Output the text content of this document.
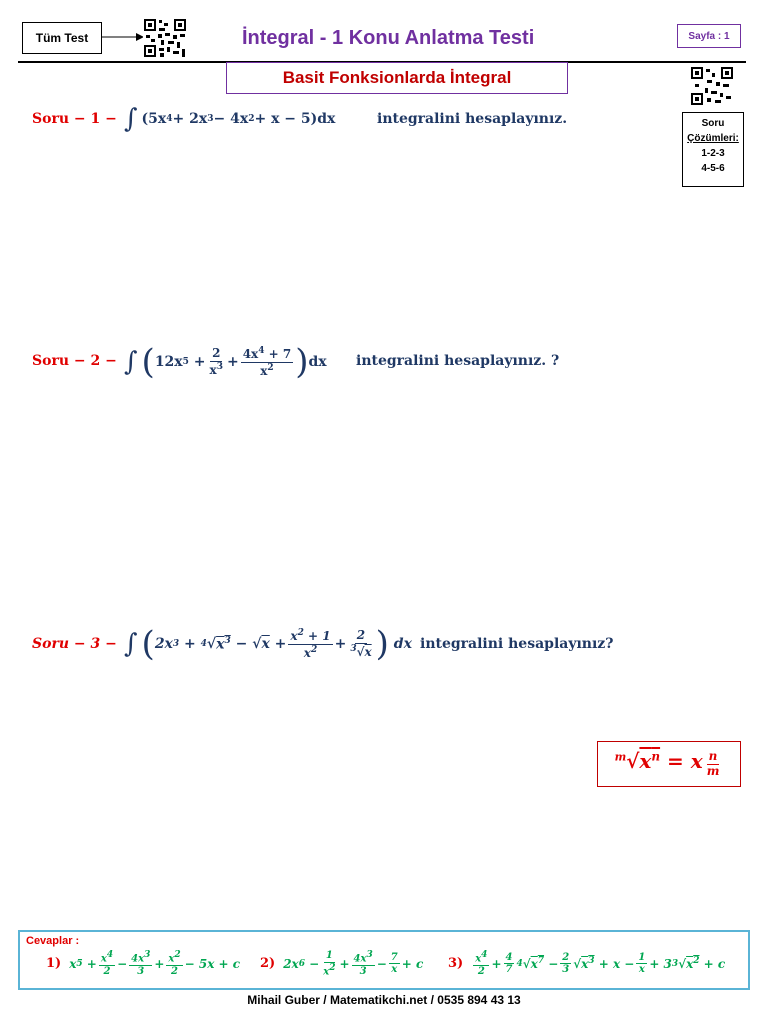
Tüm Test	İntegral - 1 Konu Anlatma Testi	Sayfa : 1
Basit Fonksionlarda İntegral
Soru
Çözümleri:
1-2-3
4-5-6
Soru − 1 − ∫ (5x 4 + 2x 3 − 4x 2 + x − 5)dx	integralini hesaplayınız.
Soru − 2 − ∫ ( 12x $5 + \frac{2}{x^3} + \frac{4x^4 + 7}{x^2}$ ) dx integralini hesaplayınız. ?
Soru − 3 − ∫ ( 2x 3 + 4 √ $x^3$ − √ $x + \frac{x^2 + 1}{x^2} + \frac{2}{^3√x}$ ) dx integralini hesaplayınız?
$^m√x^n = x \frac{n}{m}$
Cevaplar :
1) x $5 + \frac{x^4}{2} - \frac{4x^3}{3} + \frac{x^2}{2} - 5x + c$ 2) 2x $6 - \frac{1}{x^2} + \frac{4x^3}{3} - \frac{7}{x} + c$ $3) \frac{x^4}{2} + \frac{4}{7} 4$ √ $x^7 - \frac{2}{3}$ √ $x^3 + x - \frac{1}{x} + 3$ 3 √ $x^2 + c$
Mihail Guber / Matematikchi.net / 0535 894 43 13
